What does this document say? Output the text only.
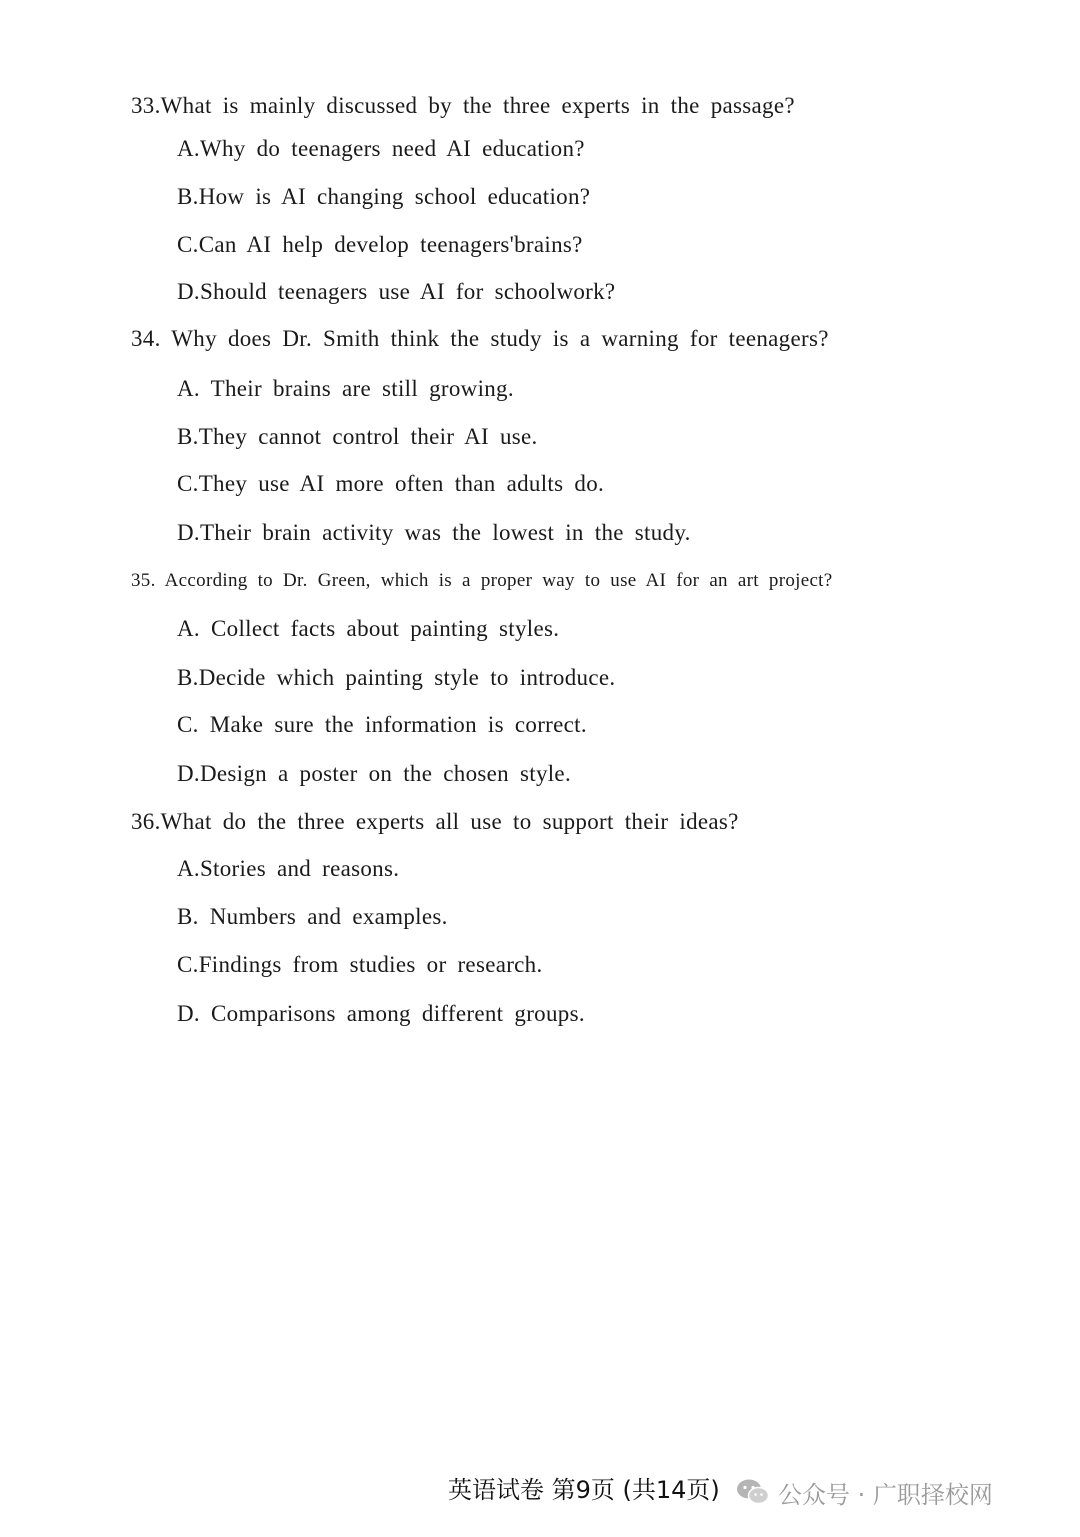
33.What is mainly discussed by the three experts in the passage?
A.Why do teenagers need AI education?
B.How is AI changing school education?
C.Can AI help develop teenagers'brains?
D.Should teenagers use AI for schoolwork?
34. Why does Dr. Smith think the study is a warning for teenagers?
A. Their brains are still growing.
B.They cannot control their AI use.
C.They use AI more often than adults do.
D.Their brain activity was the lowest in the study.
35. According to Dr. Green, which is a proper way to use AI for an art project?
A. Collect facts about painting styles.
B.Decide which painting style to introduce.
C. Make sure the information is correct.
D.Design a poster on the chosen style.
36.What do the three experts all use to support their ideas?
A.Stories and reasons.
B. Numbers and examples.
C.Findings from studies or research.
D. Comparisons among different groups.
英语试卷 第9页 (共14页) 公众号 · 广职择校网
